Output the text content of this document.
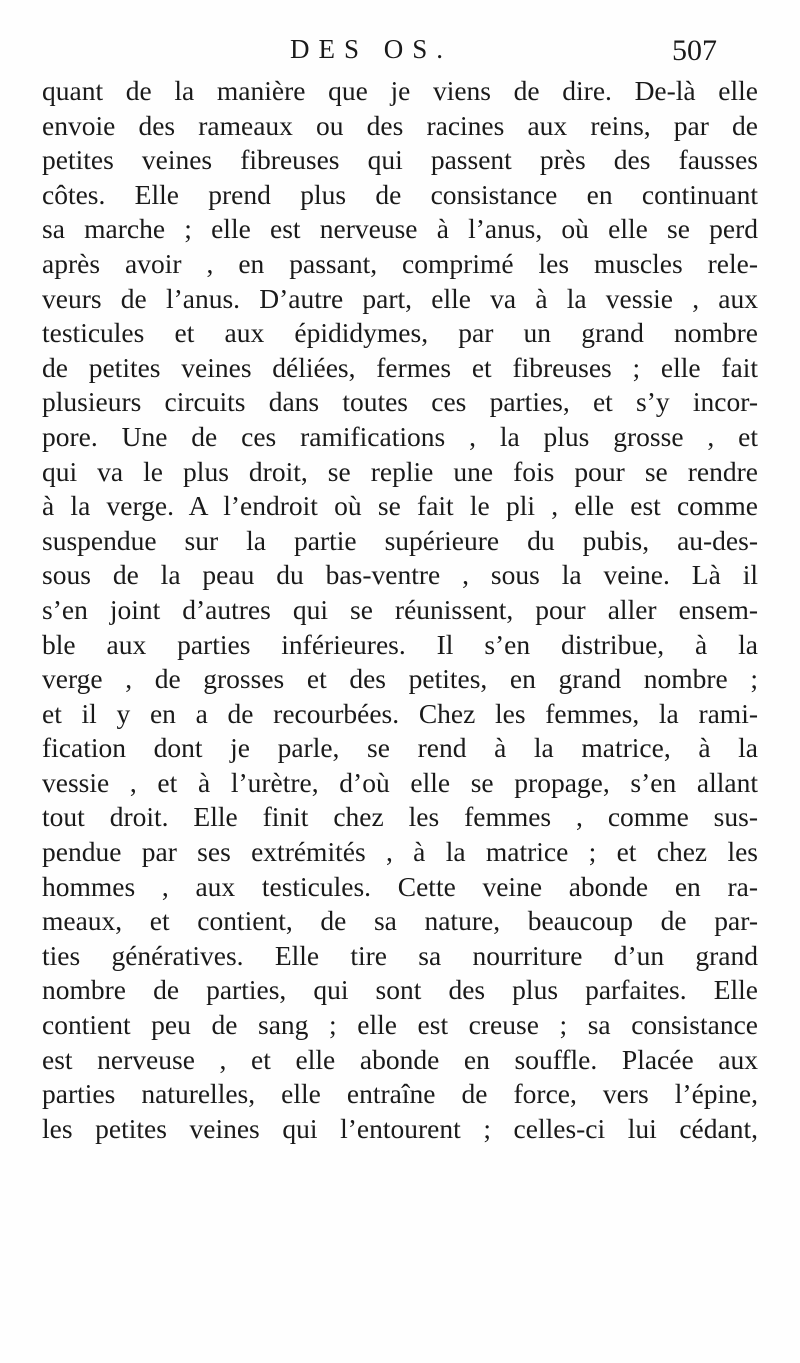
DES OS.	507
quant de la manière que je viens de dire. De-là elle
envoie des rameaux ou des racines aux reins, par de
petites veines fibreuses qui passent près des fausses
côtes. Elle prend plus de consistance en continuant
sa marche ; elle est nerveuse à l’anus, où elle se perd
après avoir , en passant, comprimé les muscles rele-
veurs de l’anus. D’autre part, elle va à la vessie , aux
testicules et aux épididymes, par un grand nombre
de petites veines déliées, fermes et fibreuses ; elle fait
plusieurs circuits dans toutes ces parties, et s’y incor-
pore. Une de ces ramifications , la plus grosse , et
qui va le plus droit, se replie une fois pour se rendre
à la verge. A l’endroit où se fait le pli , elle est comme
suspendue sur la partie supérieure du pubis, au-des-
sous de la peau du bas-ventre , sous la veine. Là il
s’en joint d’autres qui se réunissent, pour aller ensem-
ble aux parties inférieures. Il s’en distribue, à la
verge , de grosses et des petites, en grand nombre ;
et il y en a de recourbées. Chez les femmes, la rami-
fication dont je parle, se rend à la matrice, à la
vessie , et à l’urètre, d’où elle se propage, s’en allant
tout droit. Elle finit chez les femmes , comme sus-
pendue par ses extrémités , à la matrice ; et chez les
hommes , aux testicules. Cette veine abonde en ra-
meaux, et contient, de sa nature, beaucoup de par-
ties génératives. Elle tire sa nourriture d’un grand
nombre de parties, qui sont des plus parfaites. Elle
contient peu de sang ; elle est creuse ; sa consistance
est nerveuse , et elle abonde en souffle. Placée aux
parties naturelles, elle entraîne de force, vers l’épine,
les petites veines qui l’entourent ; celles-ci lui cédant,
